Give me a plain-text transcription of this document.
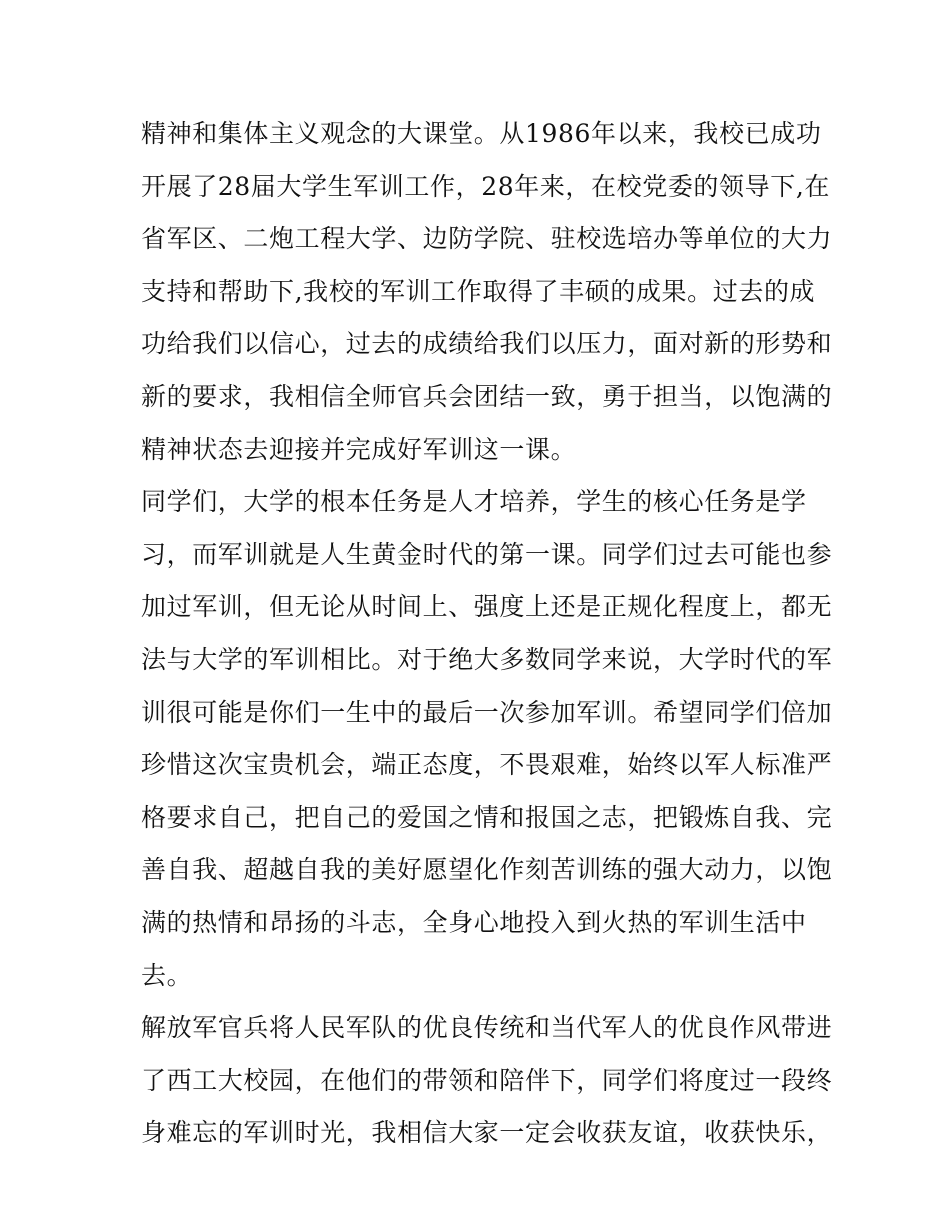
精神和集体主义观念的大课堂。从1986年以来，我校已成功
开展了28届大学生军训工作，28年来，在校党委的领导下,在
省军区、二炮工程大学、边防学院、驻校选培办等单位的大力
支持和帮助下,我校的军训工作取得了丰硕的成果。过去的成
功给我们以信心，过去的成绩给我们以压力，面对新的形势和
新的要求，我相信全师官兵会团结一致，勇于担当，以饱满的
精神状态去迎接并完成好军训这一课。
同学们，大学的根本任务是人才培养，学生的核心任务是学
习，而军训就是人生黄金时代的第一课。同学们过去可能也参
加过军训，但无论从时间上、强度上还是正规化程度上，都无
法与大学的军训相比。对于绝大多数同学来说，大学时代的军
训很可能是你们一生中的最后一次参加军训。希望同学们倍加
珍惜这次宝贵机会，端正态度，不畏艰难，始终以军人标准严
格要求自己，把自己的爱国之情和报国之志，把锻炼自我、完
善自我、超越自我的美好愿望化作刻苦训练的强大动力，以饱
满的热情和昂扬的斗志，全身心地投入到火热的军训生活中
去。
解放军官兵将人民军队的优良传统和当代军人的优良作风带进
了西工大校园，在他们的带领和陪伴下，同学们将度过一段终
身难忘的军训时光，我相信大家一定会收获友谊，收获快乐，
